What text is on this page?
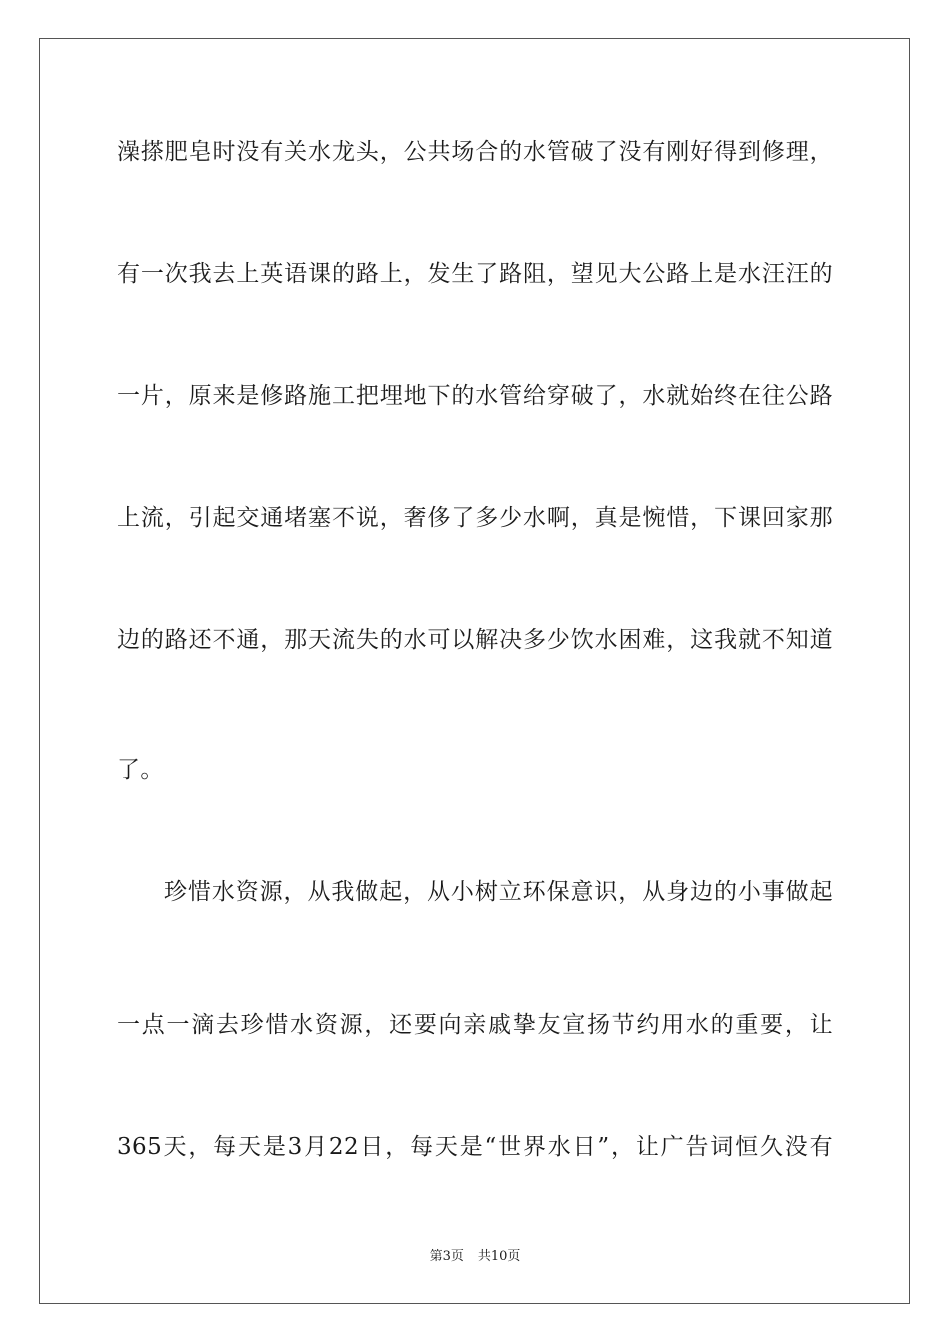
澡搽肥皂时没有关水龙头，公共场合的水管破了没有刚好得到修理，
有一次我去上英语课的路上，发生了路阻，望见大公路上是水汪汪的
一片，原来是修路施工把埋地下的水管给穿破了，水就始终在往公路
上流，引起交通堵塞不说，奢侈了多少水啊，真是惋惜，下课回家那
边的路还不通，那天流失的水可以解决多少饮水困难，这我就不知道
了。
珍惜水资源，从我做起，从小树立环保意识，从身边的小事做起
一点一滴去珍惜水资源，还要向亲戚挚友宣扬节约用水的重要，让
365天，每天是3月22日，每天是“世界水日”，让广告词恒久没有
第3页 共10页
